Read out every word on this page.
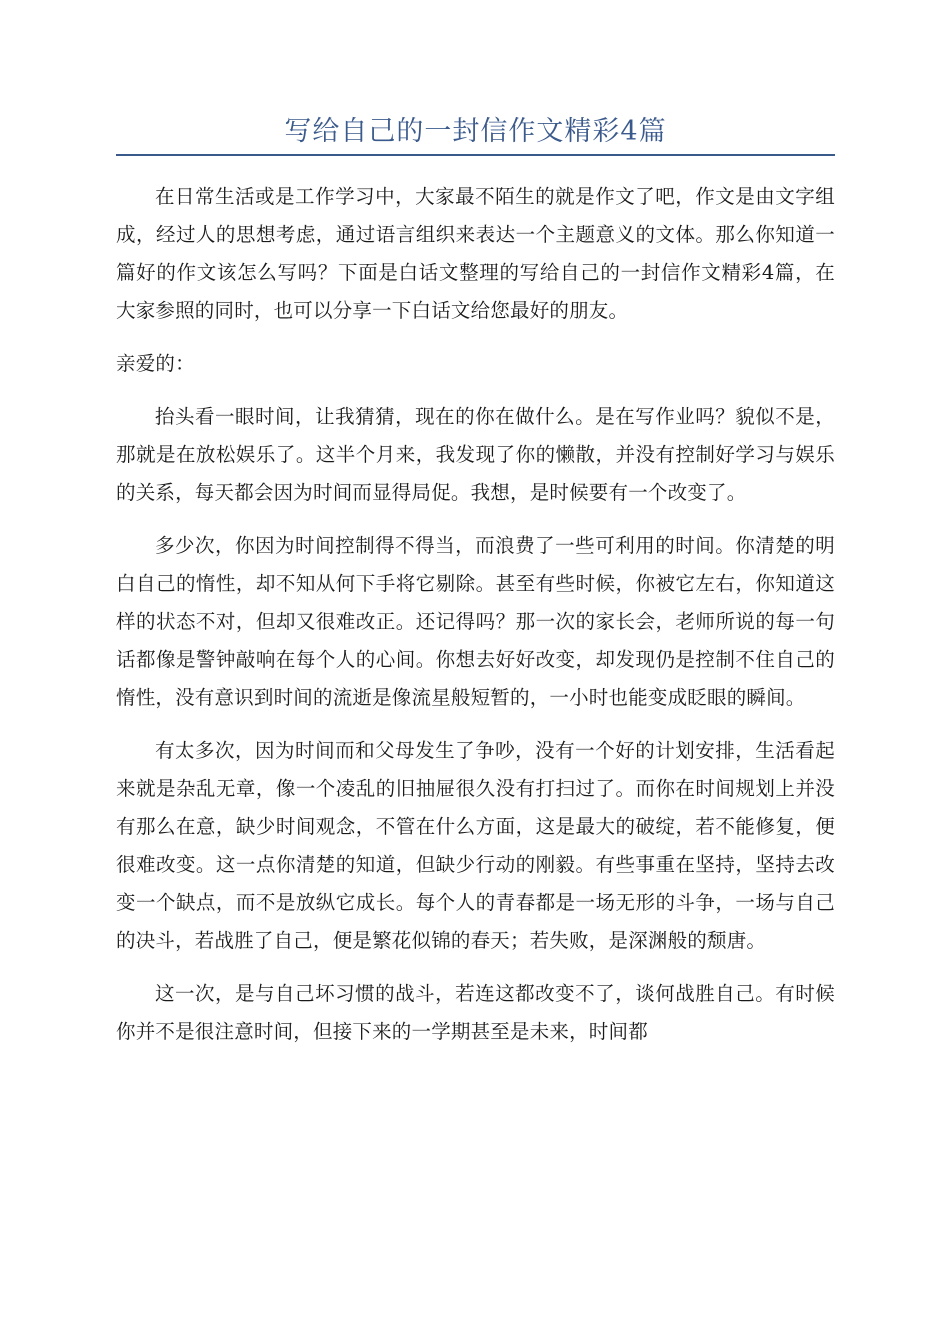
写给自己的一封信作文精彩4篇

在日常生活或是工作学习中，大家最不陌生的就是作文了吧，作文是由文字组成，经过人的思想考虑，通过语言组织来表达一个主题意义的文体。那么你知道一篇好的作文该怎么写吗？下面是白话文整理的写给自己的一封信作文精彩4篇，在大家参照的同时，也可以分享一下白话文给您最好的朋友。

亲爱的：

抬头看一眼时间，让我猜猜，现在的你在做什么。是在写作业吗？貌似不是，那就是在放松娱乐了。这半个月来，我发现了你的懒散，并没有控制好学习与娱乐的关系，每天都会因为时间而显得局促。我想，是时候要有一个改变了。

多少次，你因为时间控制得不得当，而浪费了一些可利用的时间。你清楚的明白自己的惰性，却不知从何下手将它剔除。甚至有些时候，你被它左右，你知道这样的状态不对，但却又很难改正。还记得吗？那一次的家长会，老师所说的每一句话都像是警钟敲响在每个人的心间。你想去好好改变，却发现仍是控制不住自己的惰性，没有意识到时间的流逝是像流星般短暂的，一小时也能变成眨眼的瞬间。

有太多次，因为时间而和父母发生了争吵，没有一个好的计划安排，生活看起来就是杂乱无章，像一个凌乱的旧抽屉很久没有打扫过了。而你在时间规划上并没有那么在意，缺少时间观念，不管在什么方面，这是最大的破绽，若不能修复，便很难改变。这一点你清楚的知道，但缺少行动的刚毅。有些事重在坚持，坚持去改变一个缺点，而不是放纵它成长。每个人的青春都是一场无形的斗争，一场与自己的决斗，若战胜了自己，便是繁花似锦的春天；若失败，是深渊般的颓唐。

这一次，是与自己坏习惯的战斗，若连这都改变不了，谈何战胜自己。有时候你并不是很注意时间，但接下来的一学期甚至是未来，时间都
